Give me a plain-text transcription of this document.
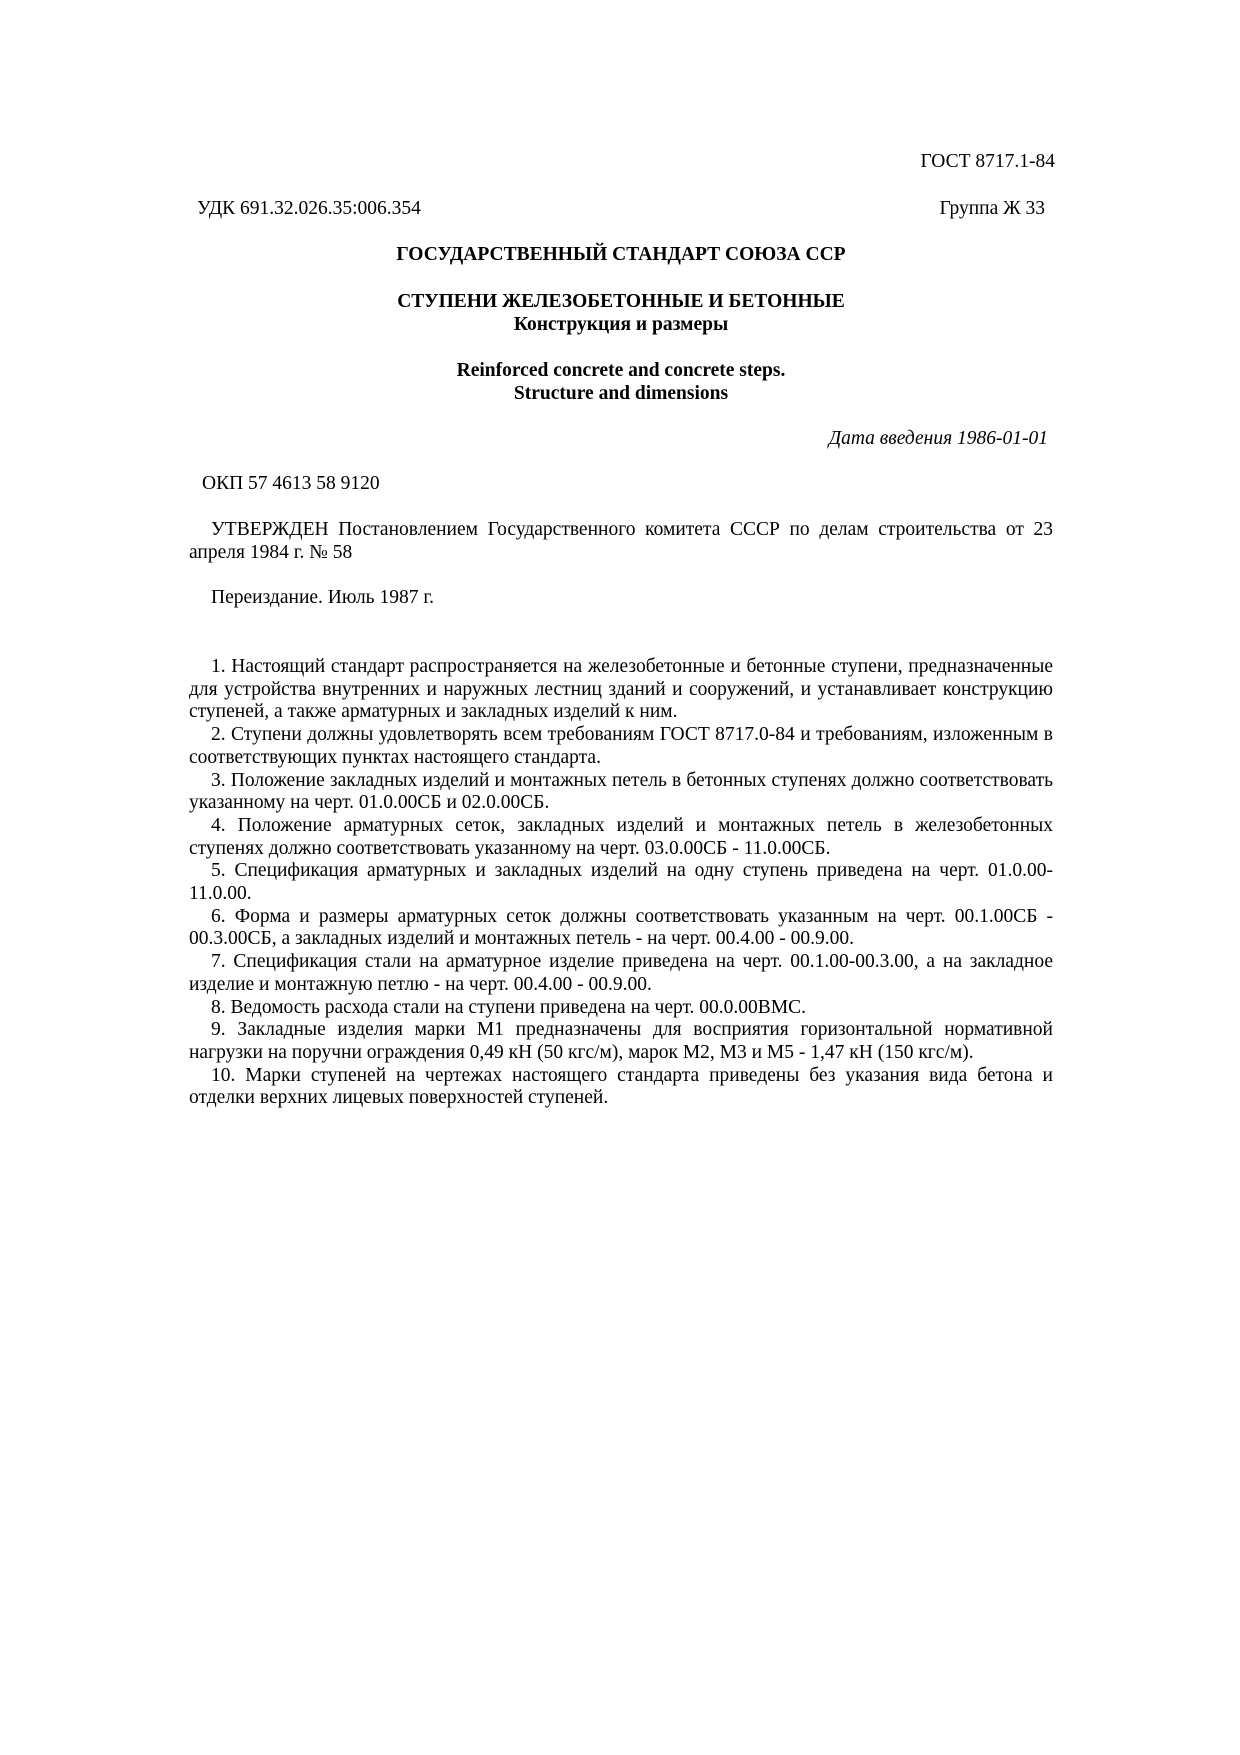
ГОСТ 8717.1-84
УДК 691.32.026.35:006.354	Группа Ж 33
ГОСУДАРСТВЕННЫЙ СТАНДАРТ СОЮЗА ССР
СТУПЕНИ ЖЕЛЕЗОБЕТОННЫЕ И БЕТОННЫЕ
Конструкция и размеры
Reinforced concrete and concrete steps.
Structure and dimensions
Дата введения 1986-01-01
ОКП 57 4613 58 9120
УТВЕРЖДЕН Постановлением Государственного комитета СССР по делам строительства от 23 апреля 1984 г. № 58
Переиздание. Июль 1987 г.

1. Настоящий стандарт распространяется на железобетонные и бетонные ступени, предназначенные для устройства внутренних и наружных лестниц зданий и сооружений, и устанавливает конструкцию ступеней, а также арматурных и закладных изделий к ним.

2. Ступени должны удовлетворять всем требованиям ГОСТ 8717.0-84 и требованиям, изложенным в соответствующих пунктах настоящего стандарта.

3. Положение закладных изделий и монтажных петель в бетонных ступенях должно соответствовать указанному на черт. 01.0.00СБ и 02.0.00СБ.

4. Положение арматурных сеток, закладных изделий и монтажных петель в железобетонных ступенях должно соответствовать указанному на черт. 03.0.00СБ - 11.0.00СБ.

5. Спецификация арматурных и закладных изделий на одну ступень приведена на черт. 01.0.00-11.0.00.

6. Форма и размеры арматурных сеток должны соответствовать указанным на черт. 00.1.00СБ - 00.3.00СБ, а закладных изделий и монтажных петель - на черт. 00.4.00 - 00.9.00.

7. Спецификация стали на арматурное изделие приведена на черт. 00.1.00-00.3.00, а на закладное изделие и монтажную петлю - на черт. 00.4.00 - 00.9.00.

8. Ведомость расхода стали на ступени приведена на черт. 00.0.00ВМС.

9. Закладные изделия марки М1 предназначены для восприятия горизонтальной нормативной нагрузки на поручни ограждения 0,49 кН (50 кгс/м), марок М2, М3 и М5 - 1,47 кН (150 кгс/м).

10. Марки ступеней на чертежах настоящего стандарта приведены без указания вида бетона и отделки верхних лицевых поверхностей ступеней.
